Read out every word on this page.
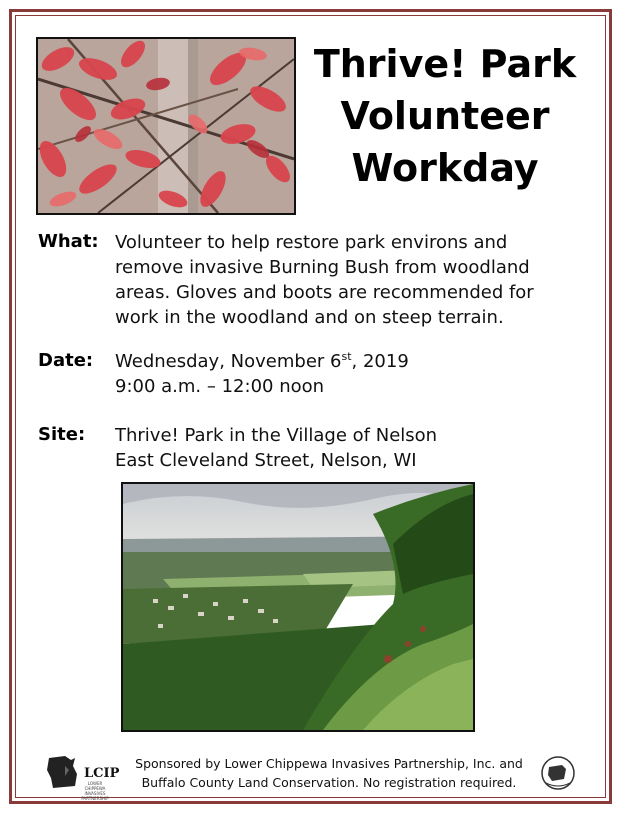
Thrive! Park
Volunteer
Workday
What: Volunteer to help restore park environs and
remove invasive Burning Bush from woodland
areas. Gloves and boots are recommended for
work in the woodland and on steep terrain.
Date: Wednesday, November 6st, 2019
9:00 a.m. – 12:00 noon
Site: Thrive! Park in the Village of Nelson
East Cleveland Street, Nelson, WI
LCIP
LOWER CHIPPEWA INVASIVES PARTNERSHIP
Sponsored by Lower Chippewa Invasives Partnership, Inc. and
Buffalo County Land Conservation. No registration required.
